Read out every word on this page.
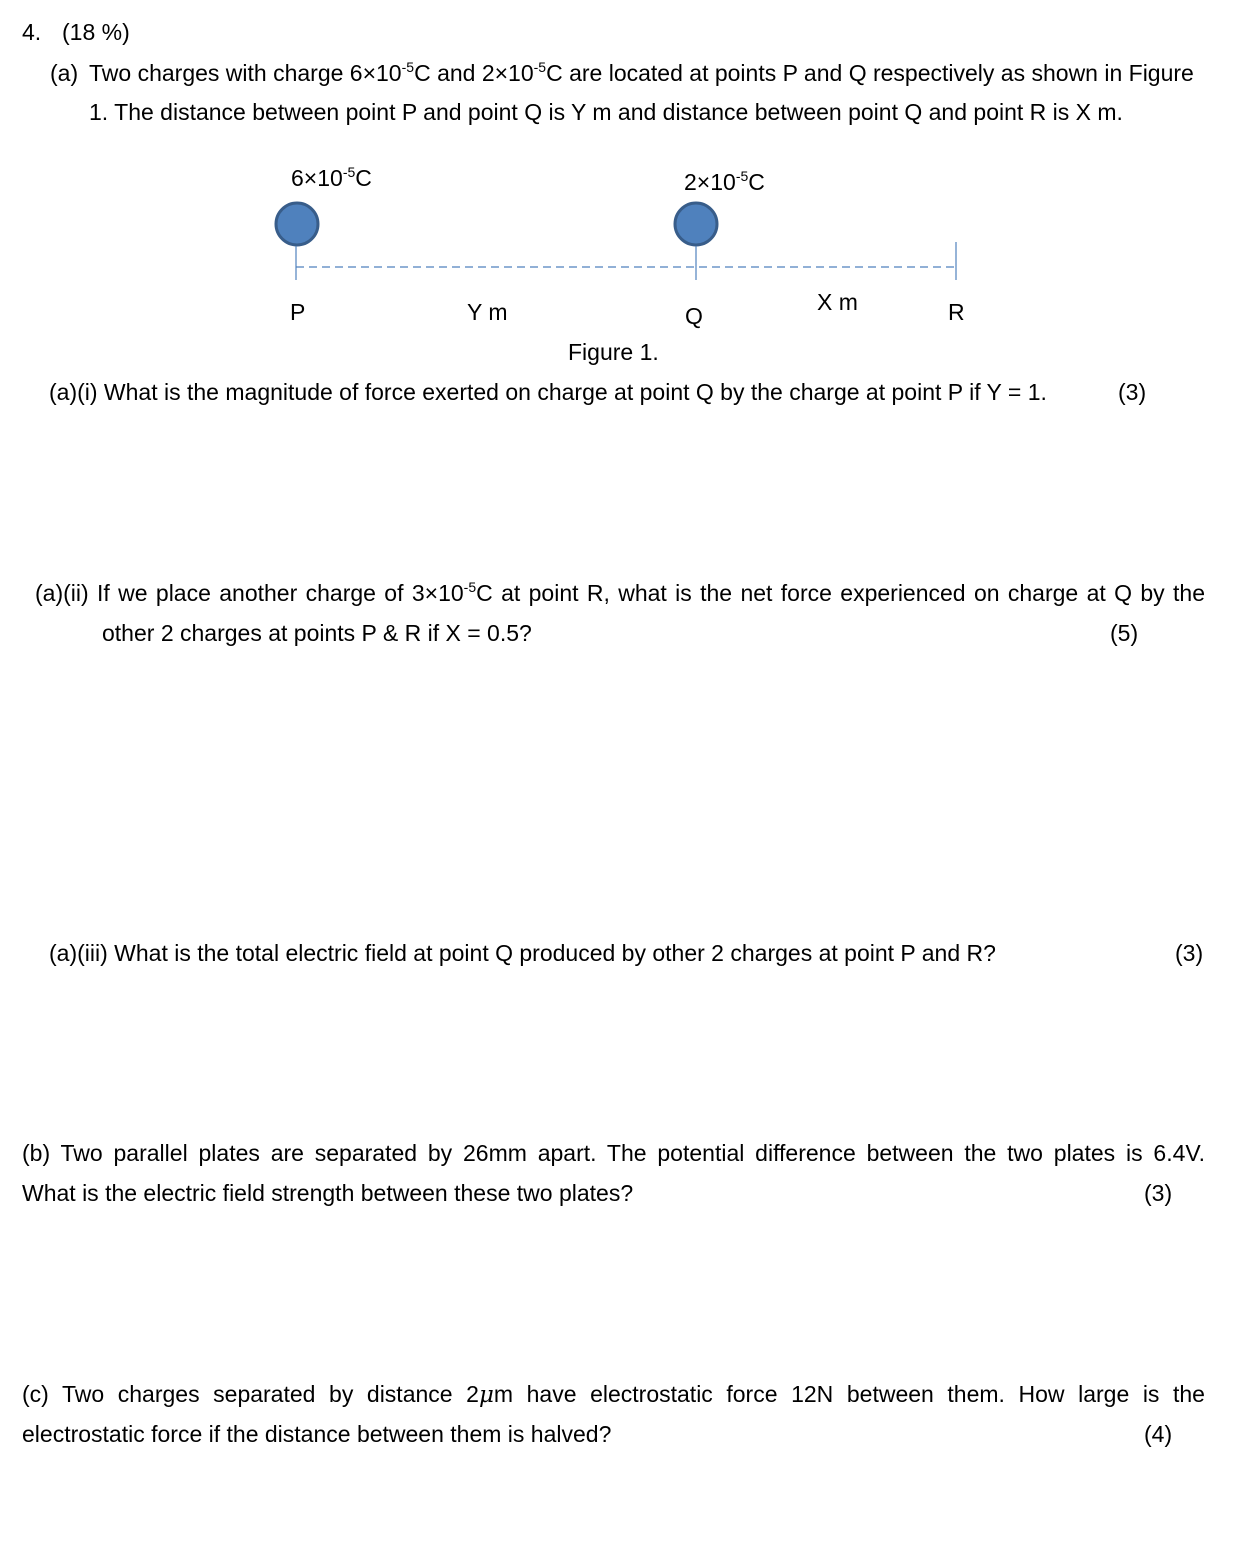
4. (18 %)
(a) Two charges with charge $6\times 10^{-5}C$ and $2\times 10^{-5}C$ are located at points P and Q respectively as shown in Figure
1. The distance between point P and point Q is Y m and distance between point Q and point R is X m.
$6\times 10^{-5}C$	$2\times 10^{-5}C$
P	Y m	Q
X m	R
Figure 1.
(a)(i) What is the magnitude of force exerted on charge at point Q by the charge at point P if Y = 1.	(3)
(a)(ii) If we place another charge of $3\times 10^{-5}C$ at point R, what is the net force experienced on charge at Q by the
other 2 charges at points P & R if X = 0.5?	(5)
(a)(iii) What is the total electric field at point Q produced by other 2 charges at point P and R?	(3)
(b) Two parallel plates are separated by 26mm apart. The potential difference between the two plates is 6.4V.
What is the electric field strength between these two plates?	(3)
(c) Two charges separated by distance 2μm have electrostatic force 12N between them. How large is the
electrostatic force if the distance between them is halved?	(4)
